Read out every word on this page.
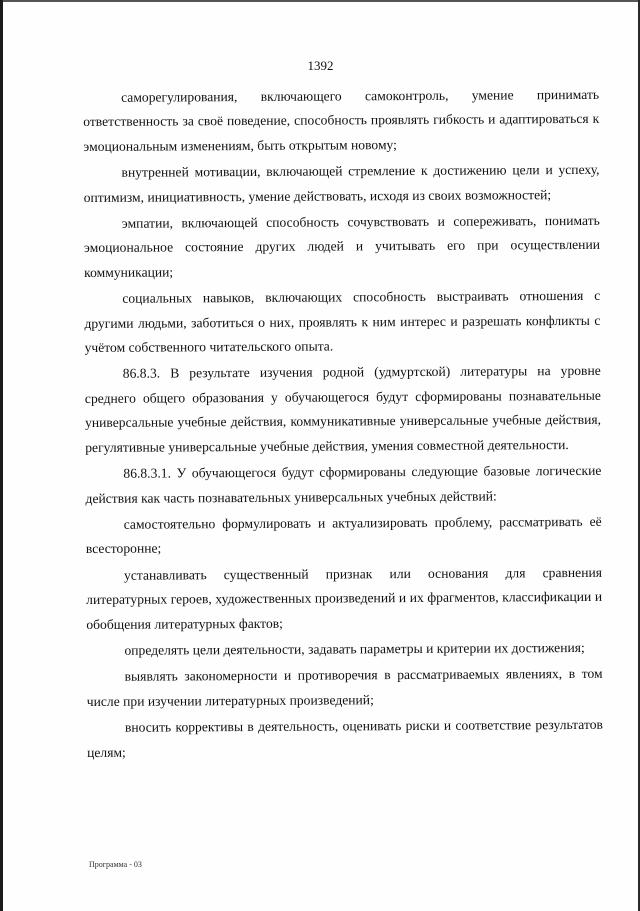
1392

саморегулирования, включающего самоконтроль, умение принимать ответственность за своё поведение, способность проявлять гибкость и адаптироваться к эмоциональным изменениям, быть открытым новому;

внутренней мотивации, включающей стремление к достижению цели и успеху, оптимизм, инициативность, умение действовать, исходя из своих возможностей;

эмпатии, включающей способность сочувствовать и сопереживать, понимать эмоциональное состояние других людей и учитывать его при осуществлении коммуникации;

социальных навыков, включающих способность выстраивать отношения с другими людьми, заботиться о них, проявлять к ним интерес и разрешать конфликты с учётом собственного читательского опыта.

86.8.3. В результате изучения родной (удмуртской) литературы на уровне среднего общего образования у обучающегося будут сформированы познавательные универсальные учебные действия, коммуникативные универсальные учебные действия, регулятивные универсальные учебные действия, умения совместной деятельности.

86.8.3.1. У обучающегося будут сформированы следующие базовые логические действия как часть познавательных универсальных учебных действий:

самостоятельно формулировать и актуализировать проблему, рассматривать её всесторонне;

устанавливать существенный признак или основания для сравнения литературных героев, художественных произведений и их фрагментов, классификации и обобщения литературных фактов;

определять цели деятельности, задавать параметры и критерии их достижения;

выявлять закономерности и противоречия в рассматриваемых явлениях, в том числе при изучении литературных произведений;

вносить коррективы в деятельность, оценивать риски и соответствие результатов целям;

Программа - 03
